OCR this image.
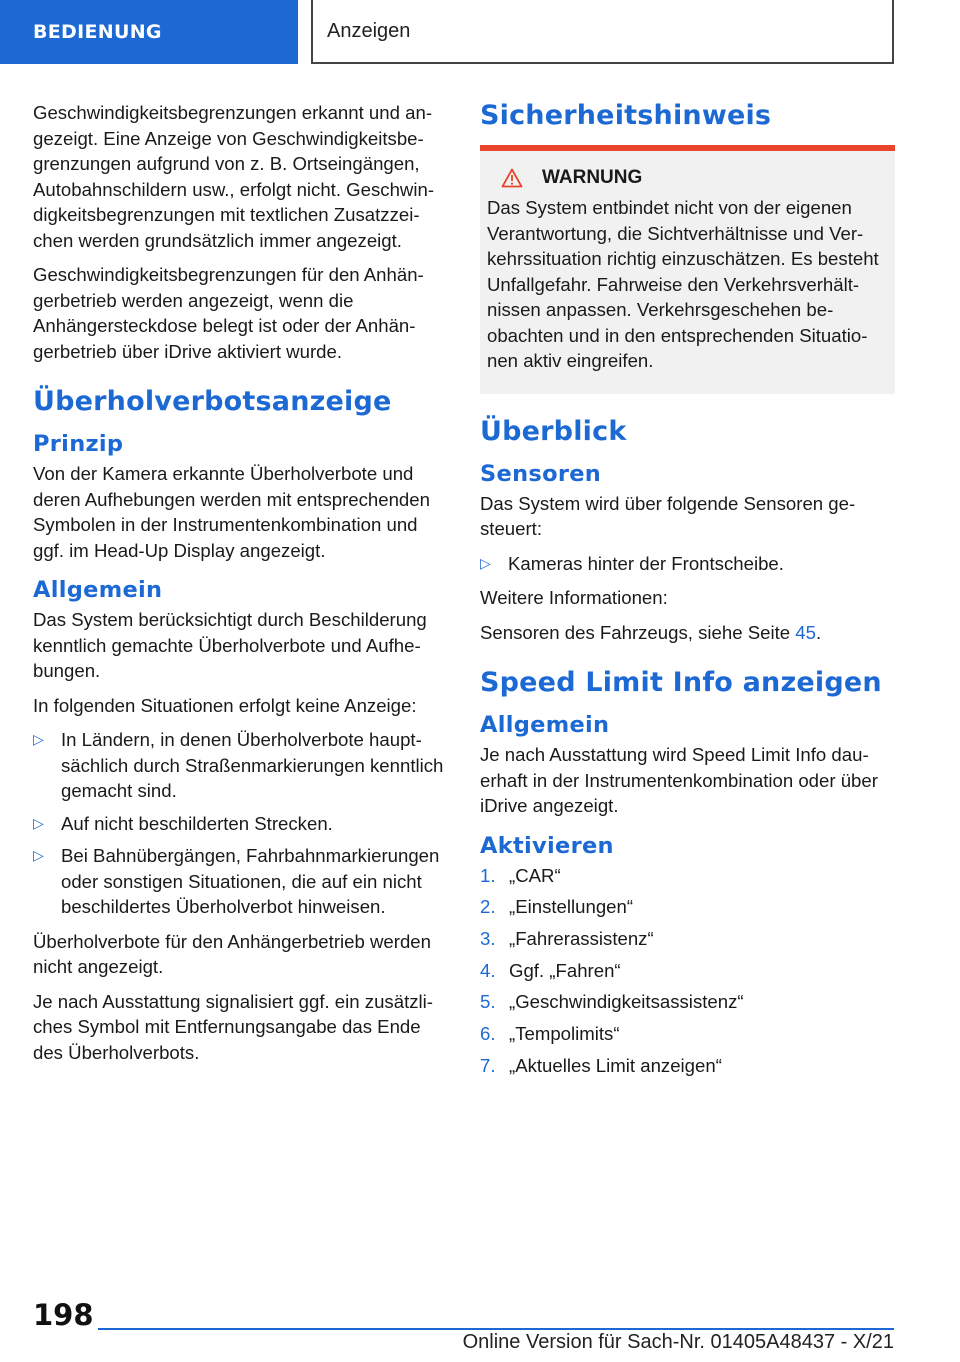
BEDIENUNG	Anzeigen

Geschwindigkeitsbegrenzungen erkannt und angezeigt. Eine Anzeige von Geschwindigkeitsbegrenzungen aufgrund von z. B. Ortseingängen, Autobahnschildern usw., erfolgt nicht. Geschwindigkeitsbegrenzungen mit textlichen Zusatzzeichen werden grundsätzlich immer angezeigt.

Geschwindigkeitsbegrenzungen für den Anhängerbetrieb werden angezeigt, wenn die Anhängersteckdose belegt ist oder der Anhängerbetrieb über iDrive aktiviert wurde.

Überholverbotsanzeige
Prinzip

Von der Kamera erkannte Überholverbote und deren Aufhebungen werden mit entsprechenden Symbolen in der Instrumentenkombination und ggf. im Head-Up Display angezeigt.

Allgemein

Das System berücksichtigt durch Beschilderung kenntlich gemachte Überholverbote und Aufhebungen.

In folgenden Situationen erfolgt keine Anzeige:

▷ In Ländern, in denen Überholverbote hauptsächlich durch Straßenmarkierungen kenntlich gemacht sind.
▷ Auf nicht beschilderten Strecken.
▷ Bei Bahnübergängen, Fahrbahnmarkierungen oder sonstigen Situationen, die auf ein nicht beschildertes Überholverbot hinweisen.

Überholverbote für den Anhängerbetrieb werden nicht angezeigt.

Je nach Ausstattung signalisiert ggf. ein zusätzliches Symbol mit Entfernungsangabe das Ende des Überholverbots.

Sicherheitshinweis
WARNUNG

Das System entbindet nicht von der eigenen Verantwortung, die Sichtverhältnisse und Verkehrssituation richtig einzuschätzen. Es besteht Unfallgefahr. Fahrweise den Verkehrsverhältnissen anpassen. Verkehrsgeschehen beobachten und in den entsprechenden Situationen aktiv eingreifen.

Überblick
Sensoren

Das System wird über folgende Sensoren gesteuert:

▷ Kameras hinter der Frontscheibe.

Weitere Informationen:

Sensoren des Fahrzeugs, siehe Seite 45.

Speed Limit Info anzeigen
Allgemein

Je nach Ausstattung wird Speed Limit Info dauerhaft in der Instrumentenkombination oder über iDrive angezeigt.

Aktivieren
1. „CAR“
2. „Einstellungen“
3. „Fahrerassistenz“
4. Ggf. „Fahren“
5. „Geschwindigkeitsassistenz“
6. „Tempolimits“
7. „Aktuelles Limit anzeigen“
198
Online Version für Sach-Nr. 01405A48437 - X/21
